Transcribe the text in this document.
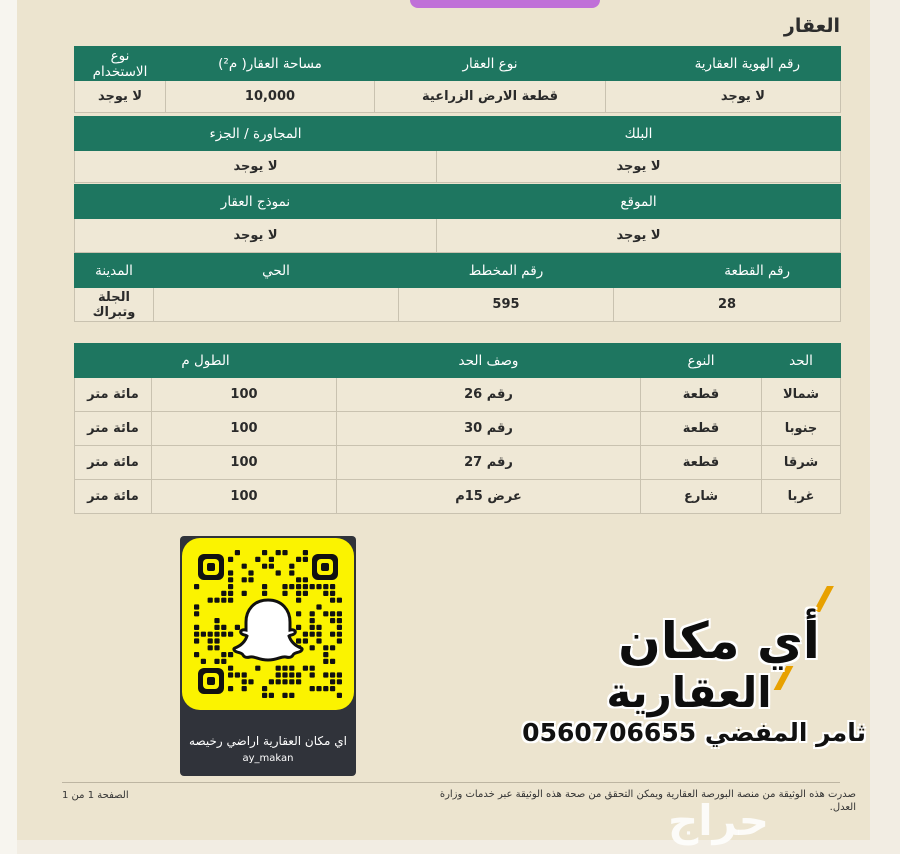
العقار
رقم الهوية العقارية	نوع العقار	مساحة العقار( م²)	نوع الاستخدام
لا يوجد	قطعة الارض الزراعية	10,000	لا يوجد
البلك	المجاورة / الجزء
لا يوجد	لا يوجد
الموقع	نموذج العقار
لا يوجد	لا يوجد
رقم القطعة	رقم المخطط	الحي	المدينة
28	595		الجلة وتبراك
الحد	النوع	وصف الحد	الطول م	
شمالا	قطعة	رقم 26	100	مائة متر
جنوبا	قطعة	رقم 30	100	مائة متر
شرقا	قطعة	رقم 27	100	مائة متر
غربا	شارع	عرض 15م	100	مائة متر
اي مكان العقارية اراضي رخيصه
ay_makan
أي مكان
العقارية
ثامر المفضي 0560706655
صدرت هذه الوثيقة من منصة البورصة العقارية ويمكن التحقق من صحة هذه الوثيقة عبر خدمات وزارة العدل.
الصفحة 1 من 1
حراج
